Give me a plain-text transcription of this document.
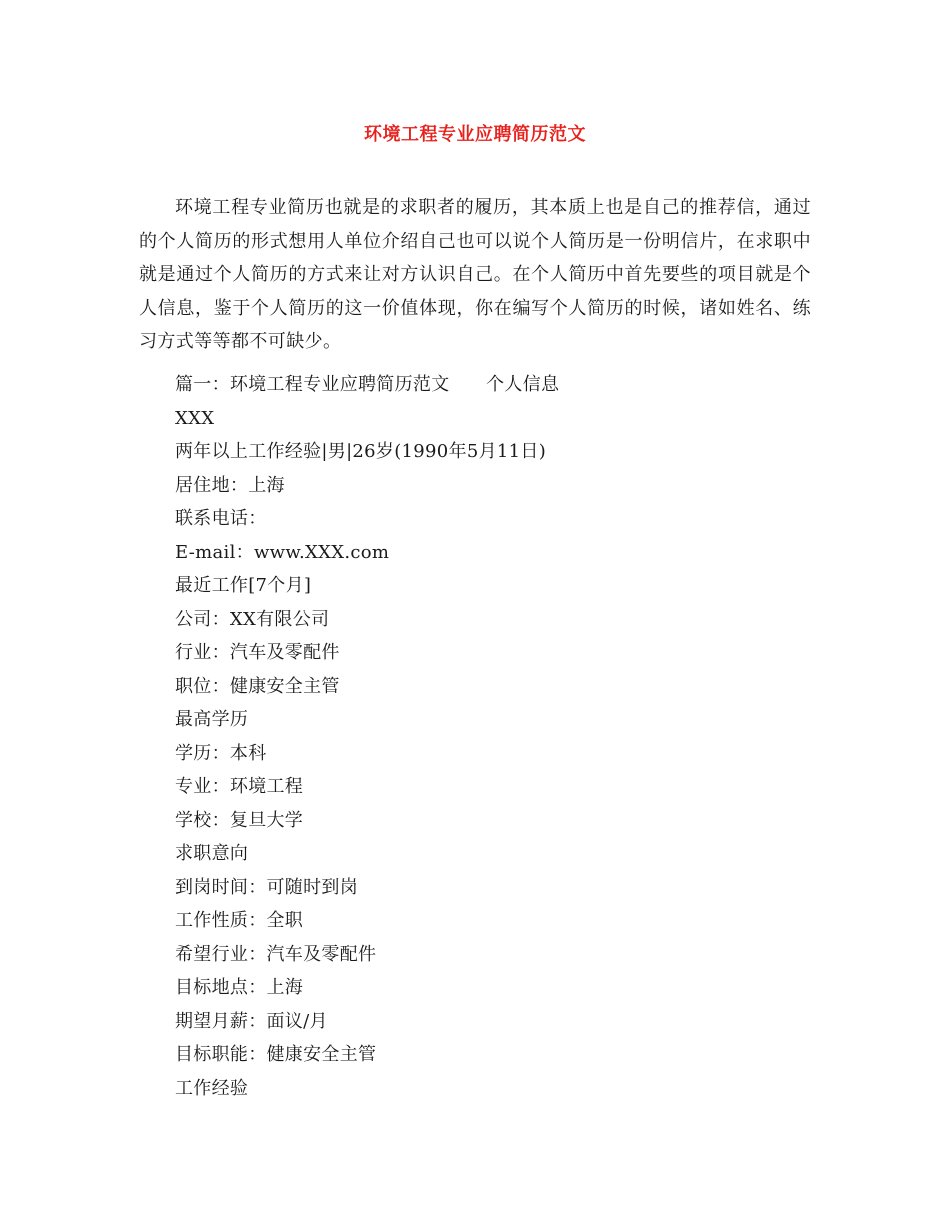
环境工程专业应聘简历范文

环境工程专业简历也就是的求职者的履历，其本质上也是自己的推荐信，通过的个人简历的形式想用人单位介绍自己也可以说个人简历是一份明信片，在求职中就是通过个人简历的方式来让对方认识自己。在个人简历中首先要些的项目就是个人信息，鉴于个人简历的这一价值体现，你在编写个人简历的时候，诸如姓名、练习方式等等都不可缺少。

篇一：环境工程专业应聘简历范文　　个人信息
XXX
两年以上工作经验|男|26岁(1990年5月11日)
居住地：上海
联系电话：
E-mail：www.XXX.com
最近工作[7个月]
公司：XX有限公司
行业：汽车及零配件
职位：健康安全主管
最高学历
学历：本科
专业：环境工程
学校：复旦大学
求职意向
到岗时间：可随时到岗
工作性质：全职
希望行业：汽车及零配件
目标地点：上海
期望月薪：面议/月
目标职能：健康安全主管
工作经验
